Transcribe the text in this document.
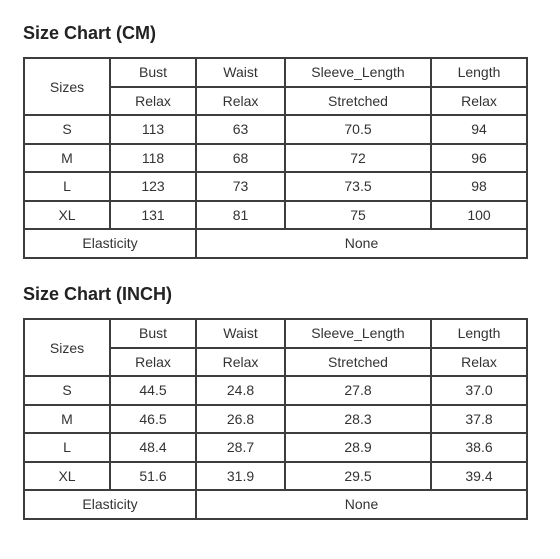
Size Chart (CM)
Sizes	Bust	Waist	Sleeve_Length	Length
	Relax	Relax	Stretched	Relax
S	113	63	70.5	94
M	118	68	72	96
L	123	73	73.5	98
XL	131	81	75	100
Elasticity		None		
Size Chart (INCH)
Sizes	Bust	Waist	Sleeve_Length	Length
	Relax	Relax	Stretched	Relax
S	44.5	24.8	27.8	37.0
M	46.5	26.8	28.3	37.8
L	48.4	28.7	28.9	38.6
XL	51.6	31.9	29.5	39.4
Elasticity		None		
